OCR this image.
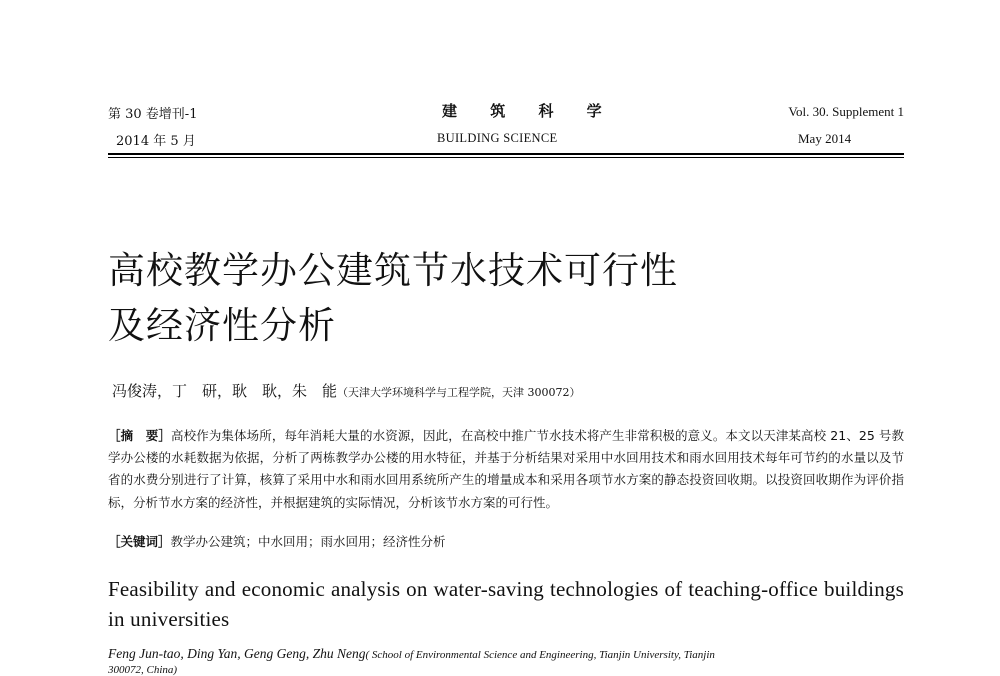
第 30 卷增刊-1
2014 年 5 月
建 筑 科 学
BUILDING SCIENCE
Vol. 30. Supplement 1
May 2014
高校教学办公建筑节水技术可行性
及经济性分析
冯俊涛，丁　研，耿　耿，朱　能（天津大学环境科学与工程学院，天津 300072）
［摘　要］高校作为集体场所，每年消耗大量的水资源，因此，在高校中推广节水技术将产生非常积极的意义。本文以天津某高校 21、25 号教学办公楼的水耗数据为依据，分析了两栋教学办公楼的用水特征，并基于分析结果对采用中水回用技术和雨水回用技术每年可节约的水量以及节省的水费分别进行了计算，核算了采用中水和雨水回用系统所产生的增量成本和采用各项节水方案的静态投资回收期。以投资回收期作为评价指标，分析节水方案的经济性，并根据建筑的实际情况，分析该节水方案的可行性。
［关键词］教学办公建筑；中水回用；雨水回用；经济性分析
Feasibility and economic analysis on water-saving technologies of teaching-office buildings in universities
Feng Jun-tao, Ding Yan, Geng Geng, Zhu Neng( School of Environmental Science and Engineering, Tianjin University, Tianjin
300072, China)
